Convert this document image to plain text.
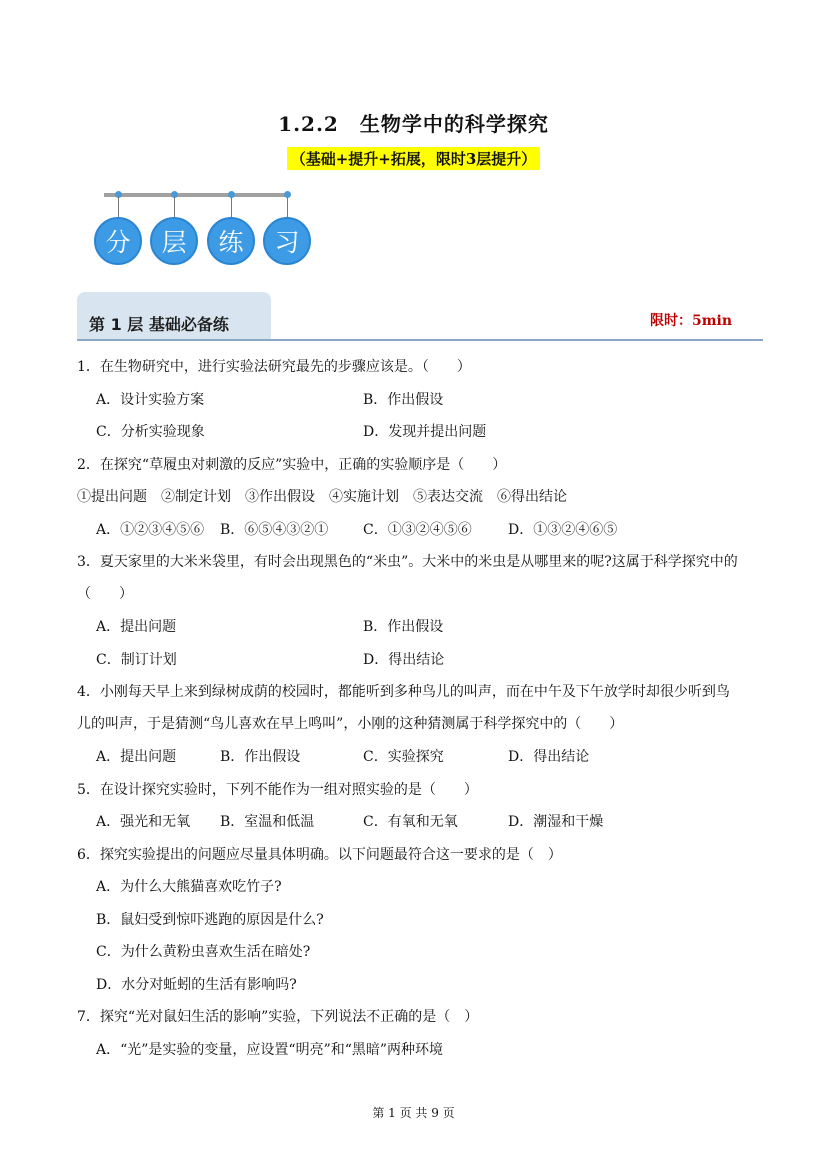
1.2.2　生物学中的科学探究
（基础+提升+拓展，限时3层提升）
分	层	练	习
第 1 层 基础必备练	限时：5min
1．在生物研究中，进行实验法研究最先的步骤应该是。（　　）
A．设计实验方案	B．作出假设
C．分析实验现象	D．发现并提出问题
2．在探究“草履虫对刺激的反应”实验中，正确的实验顺序是（　　）
①提出问题　②制定计划　③作出假设　④实施计划　⑤表达交流　⑥得出结论
A．①②③④⑤⑥ B．⑥⑤④③②① C．①③②④⑤⑥	D．①③②④⑥⑤
3．夏天家里的大米米袋里，有时会出现黑色的“米虫”。大米中的米虫是从哪里来的呢?这属于科学探究中的
（　　）
A．提出问题	B．作出假设
C．制订计划	D．得出结论
4．小刚每天早上来到绿树成荫的校园时，都能听到多种鸟儿的叫声，而在中午及下午放学时却很少听到鸟
儿的叫声，于是猜测“鸟儿喜欢在早上鸣叫”，小刚的这种猜测属于科学探究中的（　　）
A．提出问题	B．作出假设	C．实验探究	D．得出结论
5．在设计探究实验时，下列不能作为一组对照实验的是（　　）
A．强光和无氧 B．室温和低温	C．有氧和无氧	D．潮湿和干燥
6．探究实验提出的问题应尽量具体明确。以下问题最符合这一要求的是（　）
A．为什么大熊猫喜欢吃竹子?
B．鼠妇受到惊吓逃跑的原因是什么?
C．为什么黄粉虫喜欢生活在暗处?
D．水分对蚯蚓的生活有影响吗?
7．探究“光对鼠妇生活的影响”实验，下列说法不正确的是（　）
A．“光”是实验的变量，应设置“明亮”和“黑暗”两种环境
第 1 页 共 9 页
